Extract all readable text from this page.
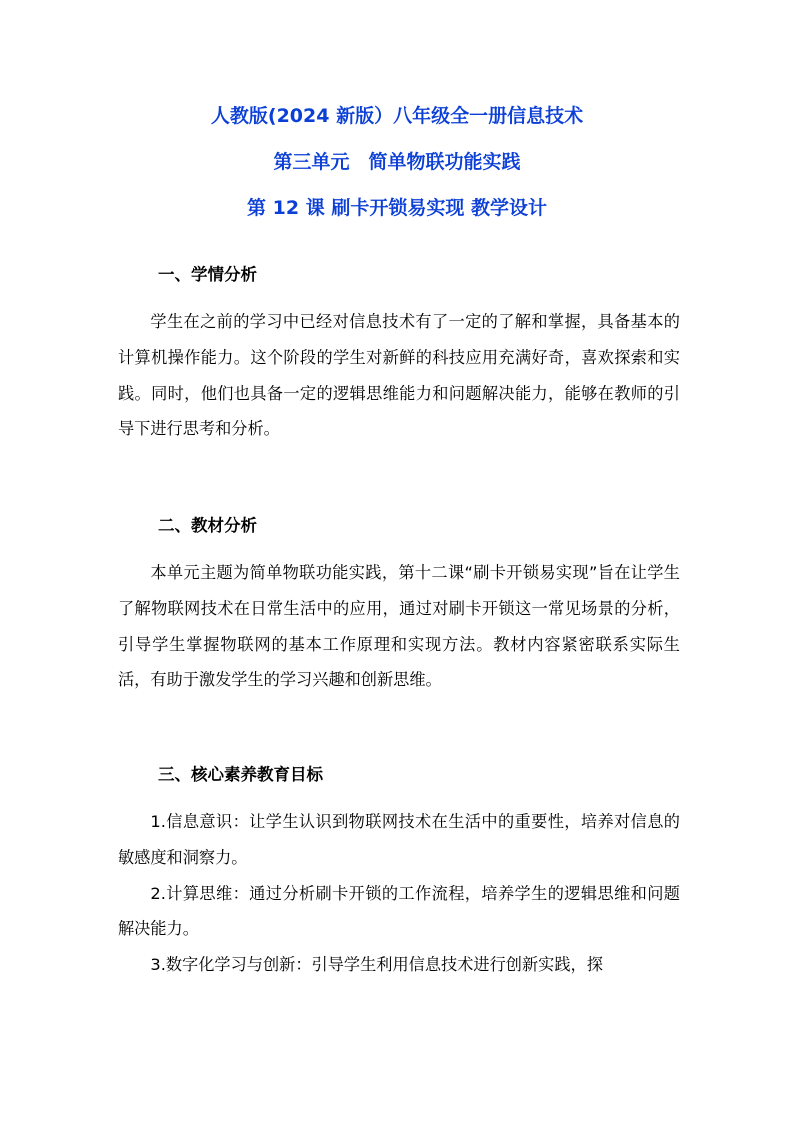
人教版(2024 新版）八年级全一册信息技术
第三单元　简单物联功能实践
第 12 课 刷卡开锁易实现 教学设计
一、学情分析

学生在之前的学习中已经对信息技术有了一定的了解和掌握，具备基本的计算机操作能力。这个阶段的学生对新鲜的科技应用充满好奇，喜欢探索和实践。同时，他们也具备一定的逻辑思维能力和问题解决能力，能够在教师的引导下进行思考和分析。

二、教材分析

本单元主题为简单物联功能实践，第十二课“刷卡开锁易实现”旨在让学生了解物联网技术在日常生活中的应用，通过对刷卡开锁这一常见场景的分析，引导学生掌握物联网的基本工作原理和实现方法。教材内容紧密联系实际生活，有助于激发学生的学习兴趣和创新思维。

三、核心素养教育目标

1.信息意识：让学生认识到物联网技术在生活中的重要性，培养对信息的敏感度和洞察力。

2.计算思维：通过分析刷卡开锁的工作流程，培养学生的逻辑思维和问题解决能力。

3.数字化学习与创新：引导学生利用信息技术进行创新实践，探
